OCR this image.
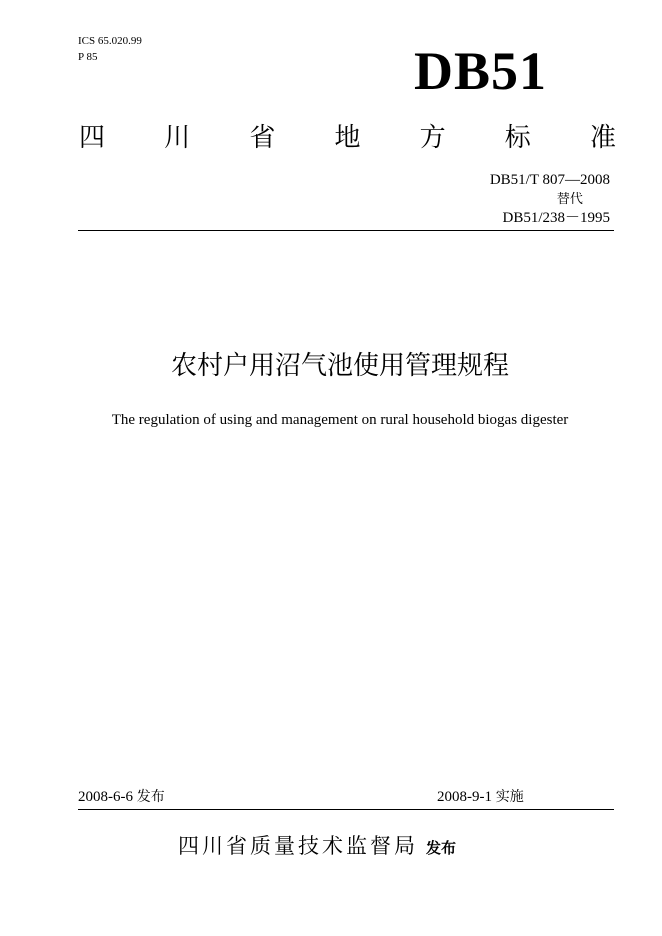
ICS 65.020.99
P 85	DB51
四 川 省 地 方 标 准
DB51/T 807—2008
替代
DB51/238－1995
农村户用沼气池使用管理规程
The regulation of using and management on rural household biogas digester
2008-6-6 发布	2008-9-1 实施
四川省质量技术监督局 发布
